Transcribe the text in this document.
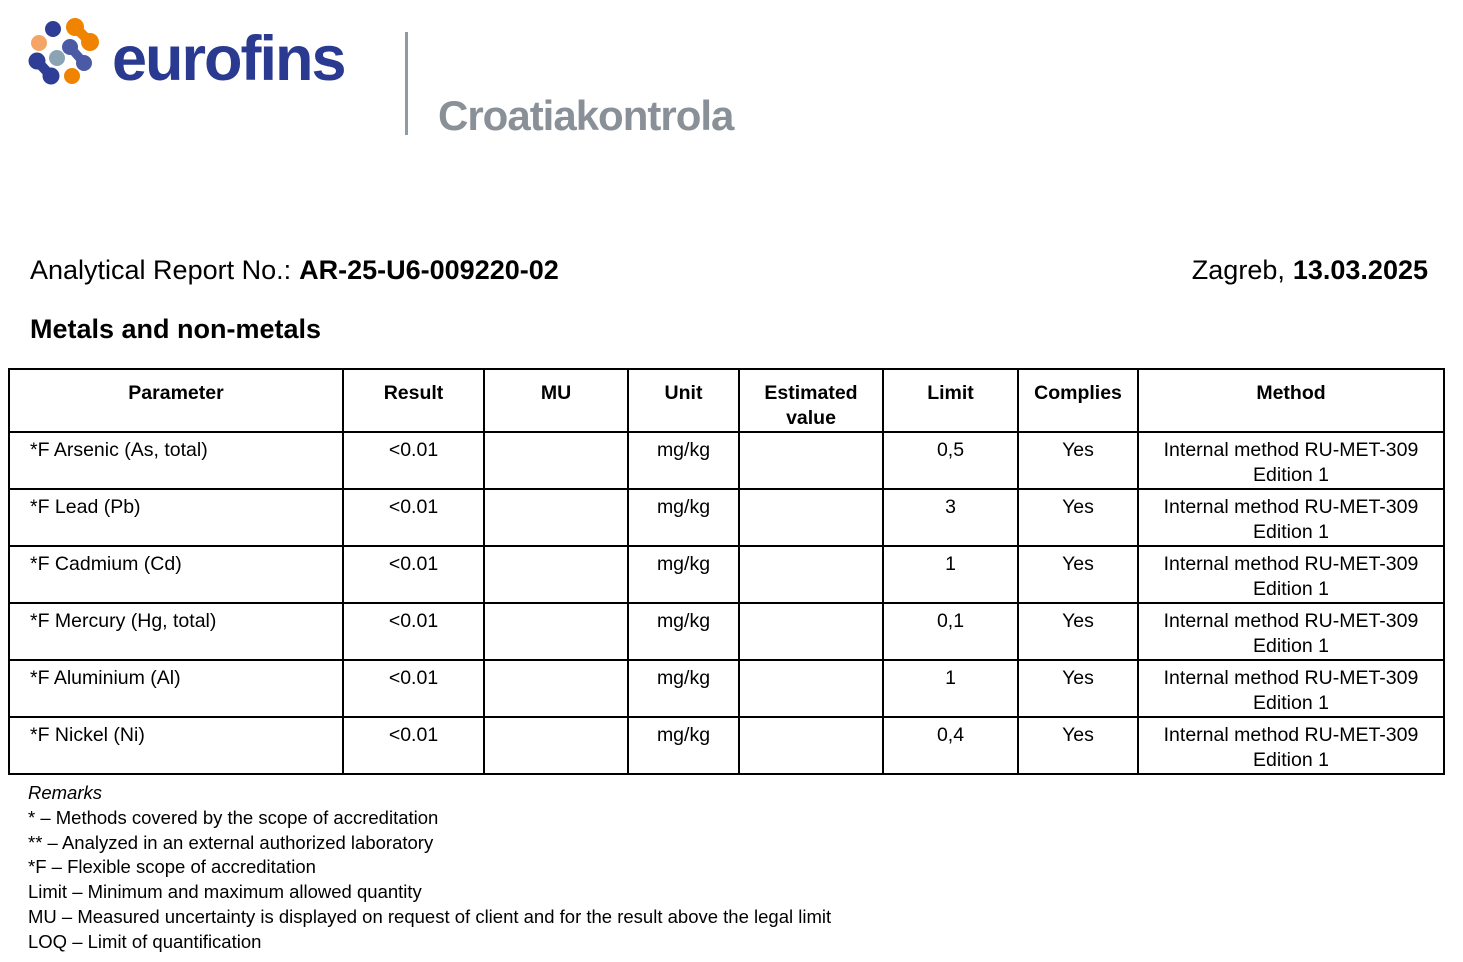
eurofins
Croatiakontrola
Analytical Report No.: AR-25-U6-009220-02	Zagreb, 13.03.2025
Metals and non-metals
Parameter	Result	MU	Unit	Estimated value	Limit	Complies	Method
*F Arsenic (As, total)	<0.01		mg/kg		0,5	Yes	Internal method RU-MET-309
Edition 1

*F Lead (Pb)	<0.01		mg/kg		3	Yes	Internal method RU-MET-309
Edition 1

*F Cadmium (Cd)	<0.01		mg/kg		1	Yes	Internal method RU-MET-309
Edition 1

*F Mercury (Hg, total)	<0.01		mg/kg		0,1	Yes	Internal method RU-MET-309
Edition 1

*F Aluminium (Al)	<0.01		mg/kg		1	Yes	Internal method RU-MET-309
Edition 1

*F Nickel (Ni)	<0.01		mg/kg		0,4	Yes	Internal method RU-MET-309
Edition 1
Remarks
* – Methods covered by the scope of accreditation
** – Analyzed in an external authorized laboratory
*F – Flexible scope of accreditation
Limit – Minimum and maximum allowed quantity
MU – Measured uncertainty is displayed on request of client and for the result above the legal limit
LOQ – Limit of quantification
